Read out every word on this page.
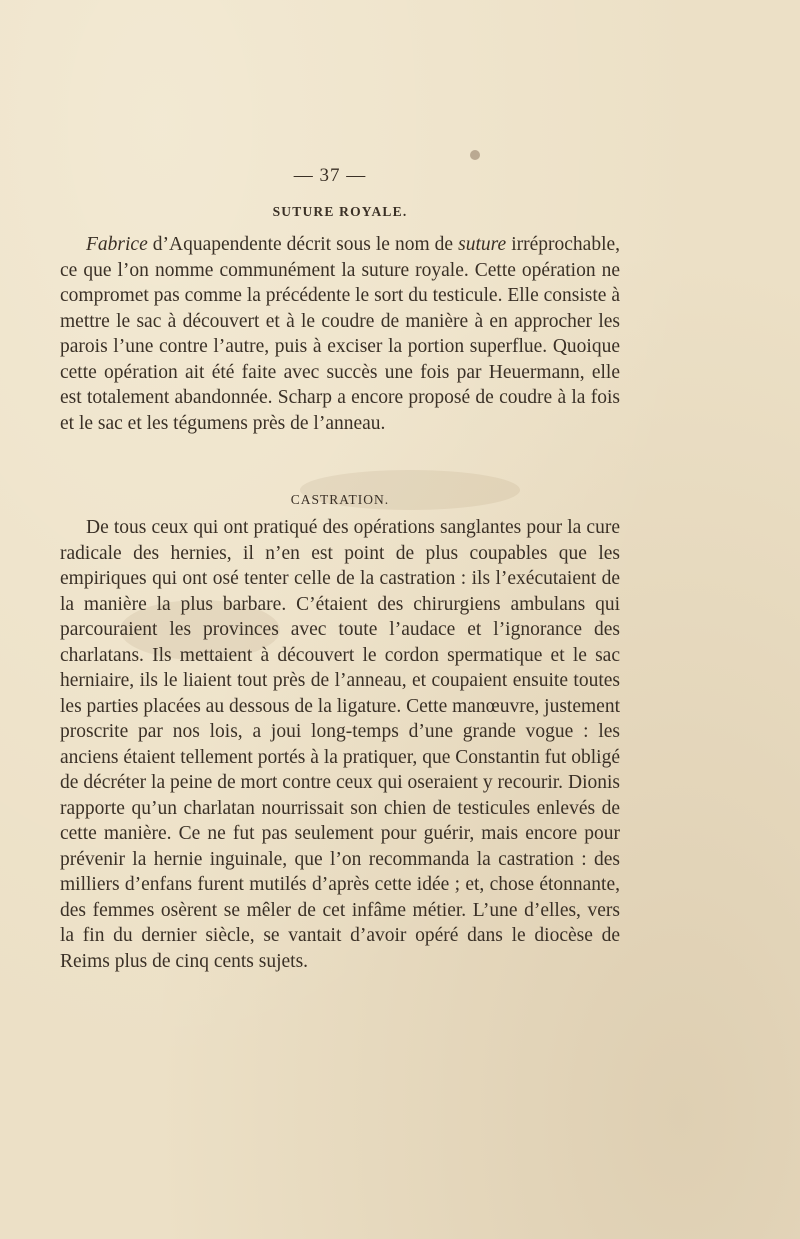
— 37 —
SUTURE ROYALE.

Fabrice d’Aquapendente décrit sous le nom de suture irréprochable, ce que l’on nomme communément la suture royale. Cette opération ne compromet pas comme la précédente le sort du testicule. Elle consiste à mettre le sac à découvert et à le coudre de manière à en approcher les parois l’une contre l’autre, puis à exciser la portion superflue. Quoique cette opération ait été faite avec succès une fois par Heuermann, elle est totalement abandonnée. Scharp a encore proposé de coudre à la fois et le sac et les tégumens près de l’anneau.

CASTRATION.

De tous ceux qui ont pratiqué des opérations sanglantes pour la cure radicale des hernies, il n’en est point de plus coupables que les empiriques qui ont osé tenter celle de la castration : ils l’exécutaient de la manière la plus barbare. C’étaient des chirurgiens ambulans qui parcouraient les provinces avec toute l’audace et l’ignorance des charlatans. Ils mettaient à découvert le cordon spermatique et le sac herniaire, ils le liaient tout près de l’anneau, et coupaient ensuite toutes les parties placées au dessous de la ligature. Cette manœuvre, justement proscrite par nos lois, a joui long-temps d’une grande vogue : les anciens étaient tellement portés à la pratiquer, que Constantin fut obligé de décréter la peine de mort contre ceux qui oseraient y recourir. Dionis rapporte qu’un charlatan nourrissait son chien de testicules enlevés de cette manière. Ce ne fut pas seulement pour guérir, mais encore pour prévenir la hernie inguinale, que l’on recommanda la castration : des milliers d’enfans furent mutilés d’après cette idée ; et, chose étonnante, des femmes osèrent se mêler de cet infâme métier. L’une d’elles, vers la fin du dernier siècle, se vantait d’avoir opéré dans le diocèse de Reims plus de cinq cents sujets.
